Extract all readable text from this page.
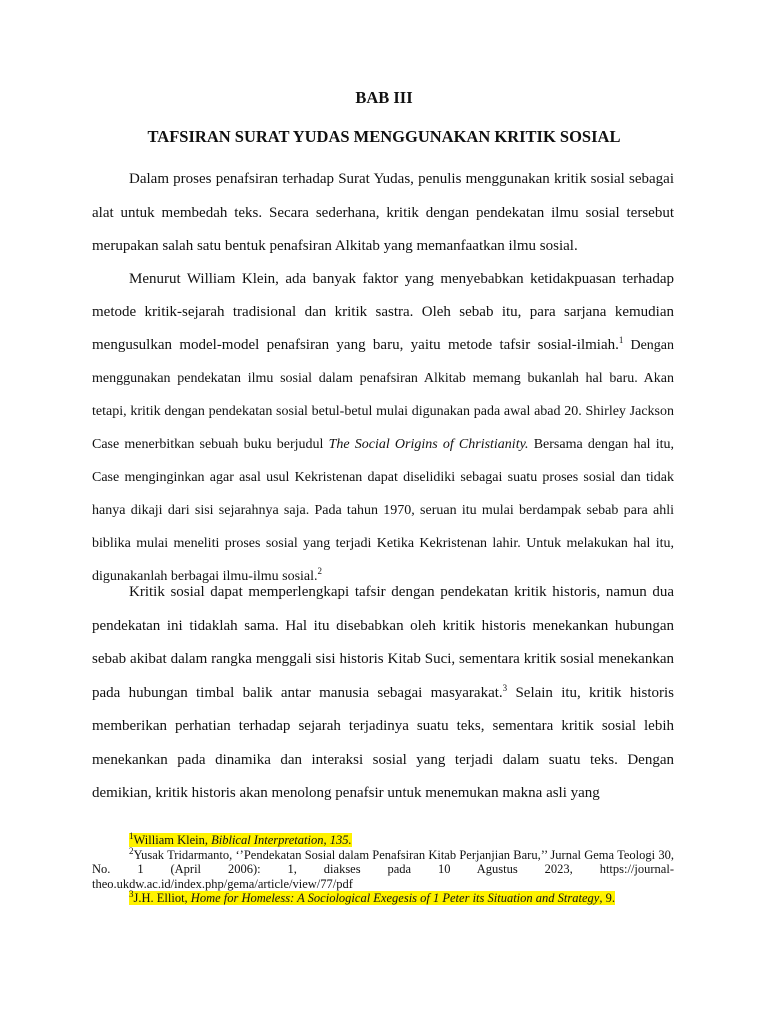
BAB III
TAFSIRAN SURAT YUDAS MENGGUNAKAN KRITIK SOSIAL

Dalam proses penafsiran terhadap Surat Yudas, penulis menggunakan kritik sosial sebagai alat untuk membedah teks. Secara sederhana, kritik dengan pendekatan ilmu sosial tersebut merupakan salah satu bentuk penafsiran Alkitab yang memanfaatkan ilmu sosial.

Menurut William Klein, ada banyak faktor yang menyebabkan ketidakpuasan terhadap metode kritik-sejarah tradisional dan kritik sastra. Oleh sebab itu, para sarjana kemudian mengusulkan model-model penafsiran yang baru, yaitu metode tafsir sosial-ilmiah.$^1$ Dengan menggunakan pendekatan ilmu sosial dalam penafsiran Alkitab memang bukanlah hal baru. Akan tetapi, kritik dengan pendekatan sosial betul-betul mulai digunakan pada awal abad 20. Shirley Jackson Case menerbitkan sebuah buku berjudul The Social Origins of Christianity. Bersama dengan hal itu, Case menginginkan agar asal usul Kekristenan dapat diselidiki sebagai suatu proses sosial dan tidak hanya dikaji dari sisi sejarahnya saja. Pada tahun 1970, seruan itu mulai berdampak sebab para ahli biblika mulai meneliti proses sosial yang terjadi Ketika Kekristenan lahir. Untuk melakukan hal itu, digunakanlah berbagai ilmu-ilmu sosial.$^2$

Kritik sosial dapat memperlengkapi tafsir dengan pendekatan kritik historis, namun dua pendekatan ini tidaklah sama. Hal itu disebabkan oleh kritik historis menekankan hubungan sebab akibat dalam rangka menggali sisi historis Kitab Suci, sementara kritik sosial menekankan pada hubungan timbal balik antar manusia sebagai masyarakat.$^3$ Selain itu, kritik historis memberikan perhatian terhadap sejarah terjadinya suatu teks, sementara kritik sosial lebih menekankan pada dinamika dan interaksi sosial yang terjadi dalam suatu teks. Dengan demikian, kritik historis akan menolong penafsir untuk menemukan makna asli yang

$^1$William Klein, Biblical Interpretation, 135.

$^2$Yusak Tridarmanto, ‘’Pendekatan Sosial dalam Penafsiran Kitab Perjanjian Baru,’’ Jurnal Gema Teologi 30, No. 1 (April 2006): 1, diakses pada 10 Agustus 2023, https://journal-theo.ukdw.ac.id/index.php/gema/article/view/77/pdf

$^3$J.H. Elliot, Home for Homeless: A Sociological Exegesis of 1 Peter its Situation and Strategy, 9.
